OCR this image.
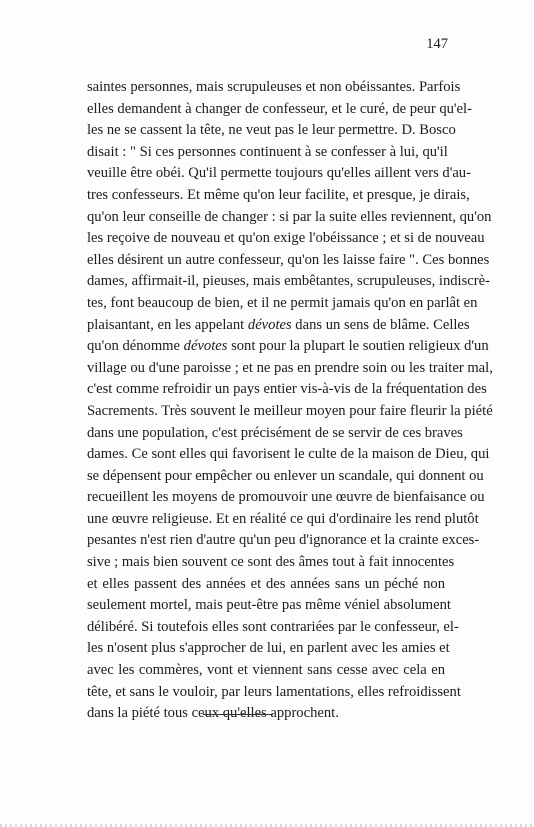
147
saintes personnes, mais scrupuleuses et non obéissantes. Parfois
elles demandent à changer de confesseur, et le curé, de peur qu'el-
les ne se cassent la tête, ne veut pas le leur permettre. D. Bosco
disait : " Si ces personnes continuent à se confesser à lui, qu'il
veuille être obéi. Qu'il permette toujours qu'elles aillent vers d'au-
tres confesseurs. Et même qu'on leur facilite, et presque, je dirais,
qu'on leur conseille de changer : si par la suite elles reviennent, qu'on
les reçoive de nouveau et qu'on exige l'obéissance ; et si de nouveau
elles désirent un autre confesseur, qu'on les laisse faire ". Ces bonnes
dames, affirmait-il, pieuses, mais embêtantes, scrupuleuses, indiscrè-
tes, font beaucoup de bien, et il ne permit jamais qu'on en parlât en
plaisantant, en les appelant dévotes dans un sens de blâme. Celles
qu'on dénomme dévotes sont pour la plupart le soutien religieux d'un
village ou d'une paroisse ; et ne pas en prendre soin ou les traiter mal,
c'est comme refroidir un pays entier vis-à-vis de la fréquentation des
Sacrements. Très souvent le meilleur moyen pour faire fleurir la piété
dans une population, c'est précisément de se servir de ces braves
dames. Ce sont elles qui favorisent le culte de la maison de Dieu, qui
se dépensent pour empêcher ou enlever un scandale, qui donnent ou
recueillent les moyens de promouvoir une œuvre de bienfaisance ou
une œuvre religieuse. Et en réalité ce qui d'ordinaire les rend plutôt
pesantes n'est rien d'autre qu'un peu d'ignorance et la crainte exces-
sive ; mais bien souvent ce sont des âmes tout à fait innocentes
et elles passent des années et des années sans un péché non
seulement mortel, mais peut-être pas même véniel absolument
délibéré. Si toutefois elles sont contrariées par le confesseur, el-
les n'osent plus s'approcher de lui, en parlent avec les amies et
avec les commères, vont et viennent sans cesse avec cela en
tête, et sans le vouloir, par leurs lamentations, elles refroidissent
dans la piété tous ceux qu'elles approchent.
